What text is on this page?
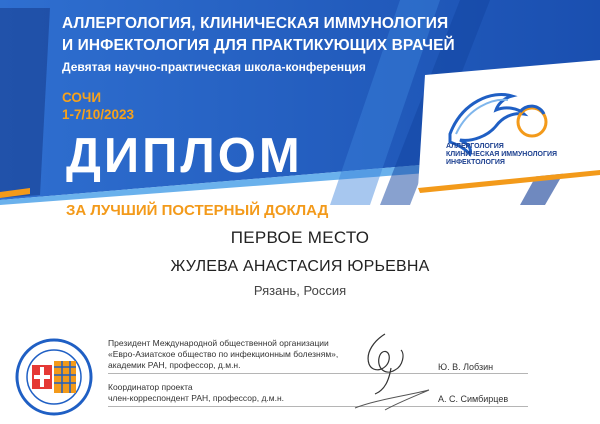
АЛЛЕРГОЛОГИЯ, КЛИНИЧЕСКАЯ ИММУНОЛОГИЯ
И ИНФЕКТОЛОГИЯ ДЛЯ ПРАКТИКУЮЩИХ ВРАЧЕЙ
Девятая научно-практическая школа-конференция
СОЧИ
1-7/10/2023
ДИПЛОМ	АЛЛЕРГОЛОГИЯ
КЛИНИЧЕСКАЯ ИММУНОЛОГИЯ
ИНФЕКТОЛОГИЯ
ЗА ЛУЧШИЙ ПОСТЕРНЫЙ ДОКЛАД
ПЕРВОЕ МЕСТО
ЖУЛЕВА АНАСТАСИЯ ЮРЬЕВНА
Рязань, Россия
Президент Международной общественной организации
«Евро-Азиатское общество по инфекционным болезням»,
академик РАН, профессор, д.м.н.	Ю. В. Лобзин
Координатор проекта
член-корреспондент РАН, профессор, д.м.н.	А. С. Симбирцев
